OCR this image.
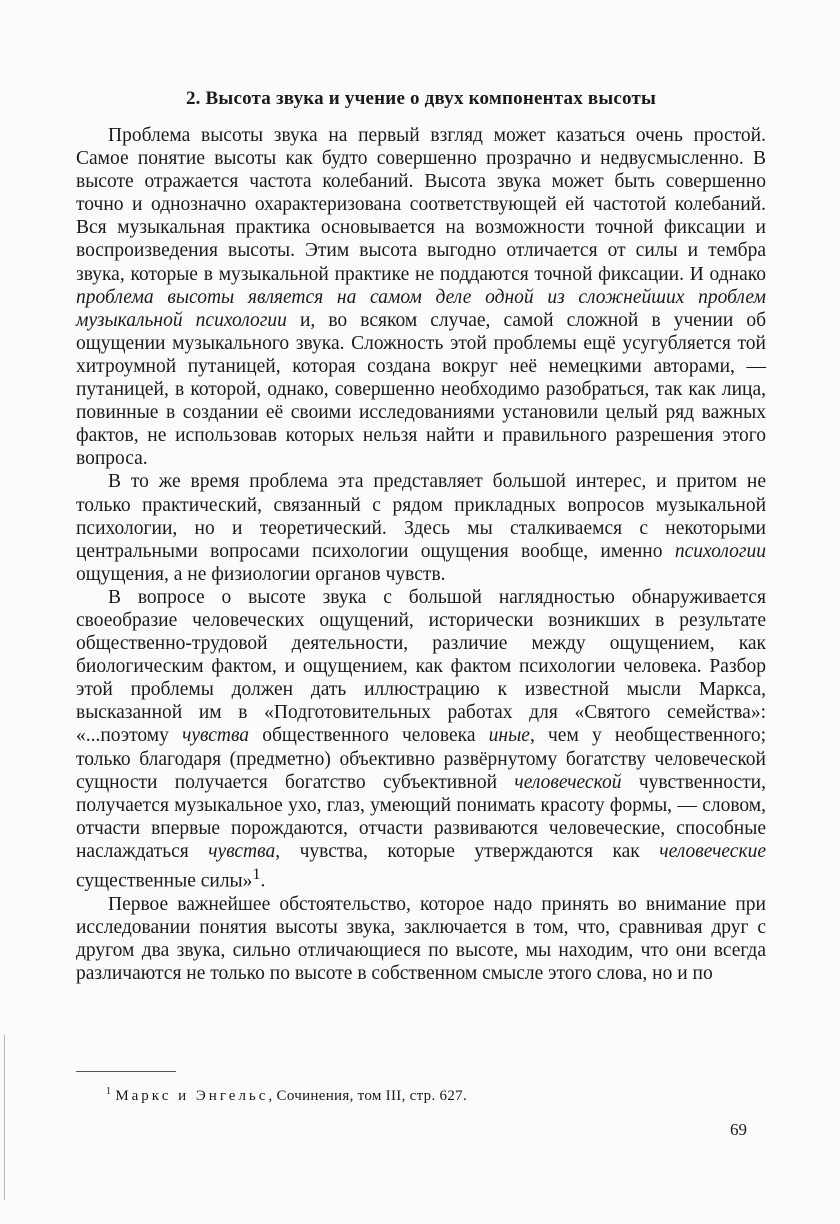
2. Высота звука и учение о двух компонентах высоты

Проблема высоты звука на первый взгляд может казаться очень простой. Самое понятие высоты как будто совершенно прозрачно и недвусмысленно. В высоте отражается частота колебаний. Высота звука может быть совершенно точно и однозначно охарактеризована соответствующей ей частотой колебаний. Вся музыкальная практика основывается на возможности точной фиксации и воспроизведения высоты. Этим высота выгодно отличается от силы и тембра звука, которые в музыкальной практике не поддаются точной фиксации. И однако проблема высоты является на самом деле одной из сложнейших проблем музыкальной психологии и, во всяком случае, самой сложной в учении об ощущении музыкального звука. Сложность этой проблемы ещё усугубляется той хитроумной путаницей, которая создана вокруг неё немецкими авторами, — путаницей, в которой, однако, совершенно необходимо разобраться, так как лица, повинные в создании её своими исследованиями установили целый ряд важных фактов, не использовав которых нельзя найти и правильного разрешения этого вопроса.

В то же время проблема эта представляет большой интерес, и притом не только практический, связанный с рядом прикладных вопросов музыкальной психологии, но и теоретический. Здесь мы сталкиваемся с некоторыми центральными вопросами психологии ощущения вообще, именно психологии ощущения, а не физиологии органов чувств.

В вопросе о высоте звука с большой наглядностью обнаруживается своеобразие человеческих ощущений, исторически возникших в результате общественно-трудовой деятельности, различие между ощущением, как биологическим фактом, и ощущением, как фактом психологии человека. Разбор этой проблемы должен дать иллюстрацию к известной мысли Маркса, высказанной им в «Подготовительных работах для «Святого семейства»: «...поэтому чувства общественного человека иные, чем у необщественного; только благодаря (предметно) объективно развёрнутому богатству человеческой сущности получается богатство субъективной человеческой чувственности, получается музыкальное ухо, глаз, умеющий понимать красоту формы, — словом, отчасти впервые порождаются, отчасти развиваются человеческие, способные наслаждаться чувства, чувства, которые утверждаются как человеческие существенные силы»$^1$.

Первое важнейшее обстоятельство, которое надо принять во внимание при исследовании понятия высоты звука, заключается в том, что, сравнивая друг с другом два звука, сильно отличающиеся по высоте, мы находим, что они всегда различаются не только по высоте в собственном смысле этого слова, но и по

$^1$ Маркс и Энгельс, Сочинения, том III, стр. 627.

69
